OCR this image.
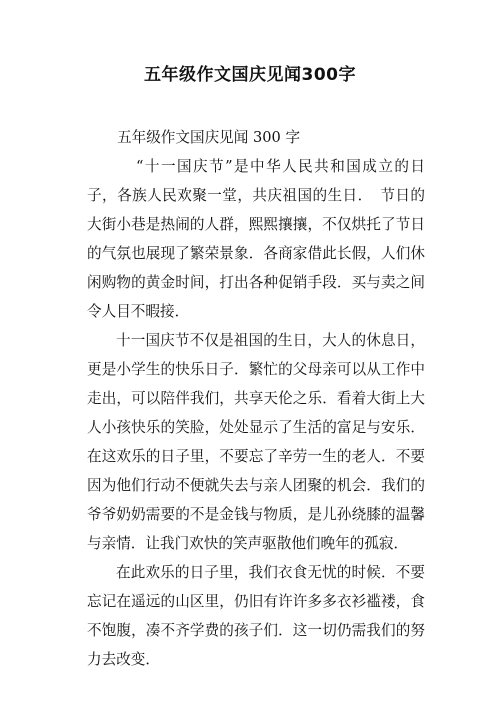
五年级作文国庆见闻300字

五年级作文国庆见闻 300 字

“十一国庆节”是中华人民共和国成立的日子，各族人民欢聚一堂，共庆祖国的生日．　节日的大街小巷是热闹的人群，熙熙攘攘，不仅烘托了节日的气氛也展现了繁荣景象．各商家借此长假，人们休闲购物的黄金时间，打出各种促销手段．买与卖之间令人目不暇接．

十一国庆节不仅是祖国的生日，大人的休息日，更是小学生的快乐日子．繁忙的父母亲可以从工作中走出，可以陪伴我们，共享天伦之乐．看着大街上大人小孩快乐的笑脸，处处显示了生活的富足与安乐．在这欢乐的日子里，不要忘了辛劳一生的老人．不要因为他们行动不便就失去与亲人团聚的机会．我们的爷爷奶奶需要的不是金钱与物质，是儿孙绕膝的温馨与亲情．让我门欢快的笑声驱散他们晚年的孤寂．

在此欢乐的日子里，我们衣食无忧的时候．不要忘记在遥远的山区里，仍旧有许许多多衣衫褴褛，食不饱腹，凑不齐学费的孩子们．这一切仍需我们的努力去改变．
